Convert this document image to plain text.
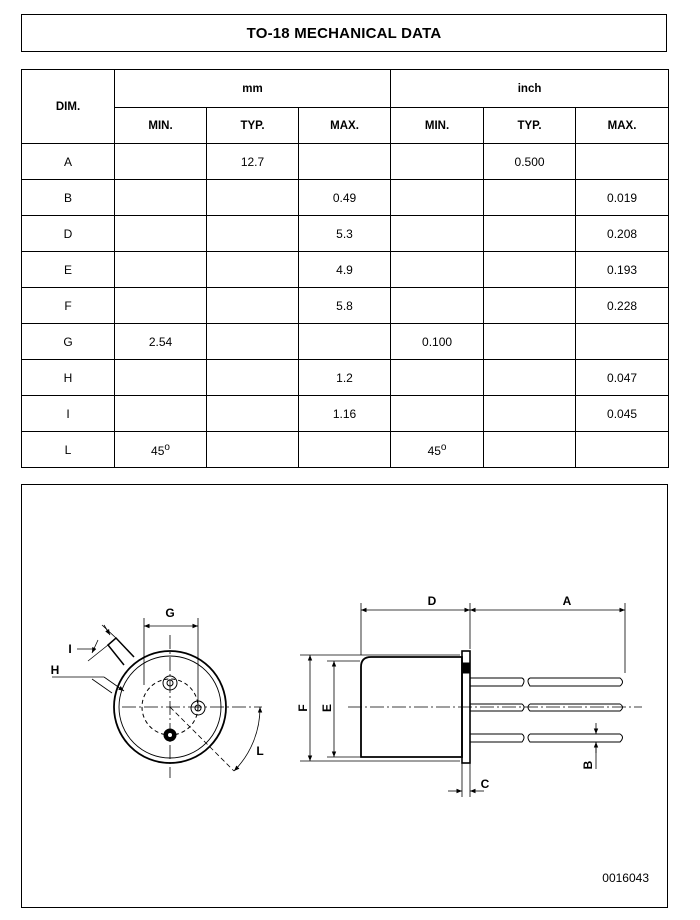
TO-18 MECHANICAL DATA
DIM.	mm			inch		
	MIN.	TYP.	MAX.	MIN.	TYP.	MAX.
A		12.7			0.500	
B			0.49			0.019
D			5.3			0.208
E			4.9			0.193
F			5.8			0.228
G	2.54			0.100		
H			1.2			0.047
I			1.16			0.045
L	45$^o$			45$^o$		
G
I
H
L
D	A
F E
B
C
0016043
